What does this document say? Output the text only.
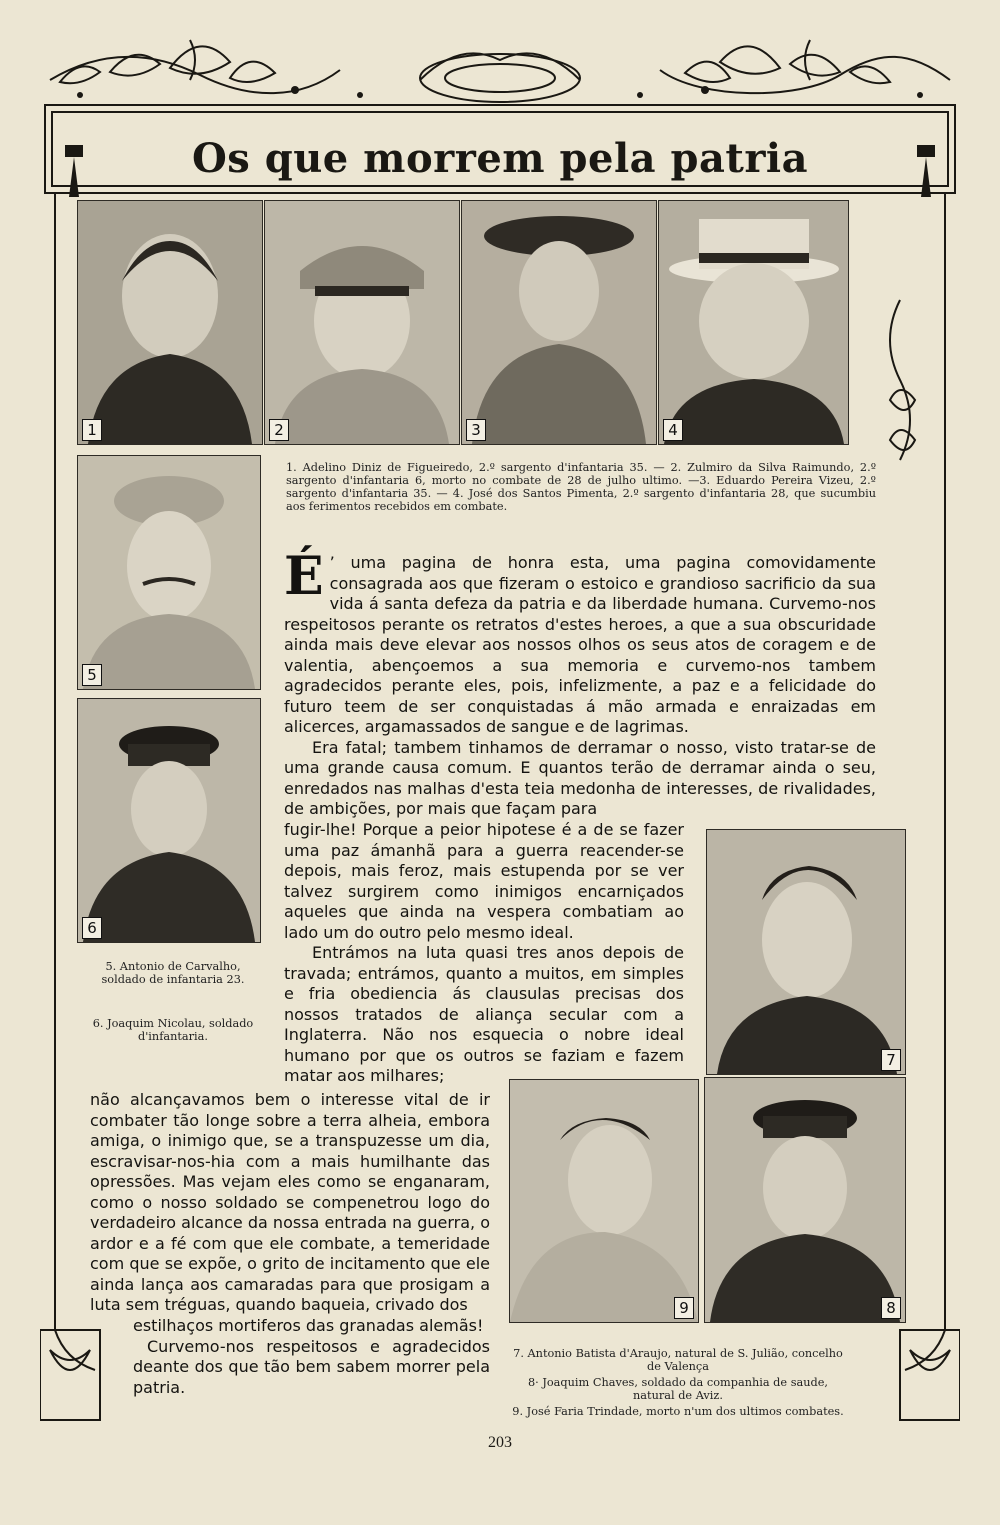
Os que morrem pela patria
1	2	3	4
5
6
7
8
9
1. Adelino Diniz de Figueiredo, 2.º sargento d'infantaria 35. — 2. Zulmiro da Silva Raimundo, 2.º sargento d'infantaria 6, morto no combate de 28 de julho ultimo. —3. Eduardo Pereira Vizeu, 2.º sargento d'infantaria 35. — 4. José dos Santos Pimenta, 2.º sargento d'infantaria 28, que sucumbiu aos ferimentos recebidos em combate.
5. Antonio de Carvalho, soldado de infantaria 23.
6. Joaquim Nicolau, soldado d'infantaria.
7. Antonio Batista d'Araujo, natural de S. Julião, concelho de Valença
8· Joaquim Chaves, soldado da companhia de saude, natural de Aviz.
9. José Faria Trindade, morto n'um dos ultimos combates.

É ’ uma pagina de honra esta, uma pagina comovidamente consagrada aos que fizeram o estoico e grandioso sacrificio da sua vida á santa defeza da patria e da liberdade humana. Curvemo-nos respeitosos perante os retratos d'estes heroes, a que a sua obscuridade ainda mais deve elevar aos nossos olhos os seus atos de coragem e de valentia, abençoemos a sua memoria e curvemo-nos tambem agradecidos perante eles, pois, infelizmente, a paz e a felicidade do futuro teem de ser conquistadas á mão armada e enraizadas em alicerces, argamassados de sangue e de lagrimas.

Era fatal; tambem tinhamos de derramar o nosso, visto tratar-se de uma grande causa comum. E quantos terão de derramar ainda o seu, enredados nas malhas d'esta teia medonha de interesses, de rivalidades, de ambições, por mais que façam para

fugir-lhe! Porque a peior hipotese é a de se fazer uma paz ámanhã para a guerra reacender-se depois, mais feroz, mais estupenda por se ver talvez surgirem como inimigos encarniçados aqueles que ainda na vespera combatiam ao lado um do outro pelo mesmo ideal.

Entrámos na luta quasi tres anos depois de travada; entrámos, quanto a muitos, em simples e fria obediencia ás clausulas precisas dos nossos tratados de aliança secular com a Inglaterra. Não nos esquecia o nobre ideal humano por que os outros se faziam e fazem matar aos milhares;

não alcançavamos bem o interesse vital de ir combater tão longe sobre a terra alheia, embora amiga, o inimigo que, se a transpuzesse um dia, escravisar-nos-hia com a mais humilhante das opressões. Mas vejam eles como se enganaram, como o nosso soldado se compenetrou logo do verdadeiro alcance da nossa entrada na guerra, o ardor e a fé com que ele combate, a temeridade com que se expõe, o grito de incitamento que ele ainda lança aos camaradas para que prosigam a luta sem tréguas, quando baqueia, crivado dos

estilhaços mortiferos das granadas alemãs!

Curvemo-nos respeitosos e agradecidos deante dos que tão bem sabem morrer pela patria.

203
